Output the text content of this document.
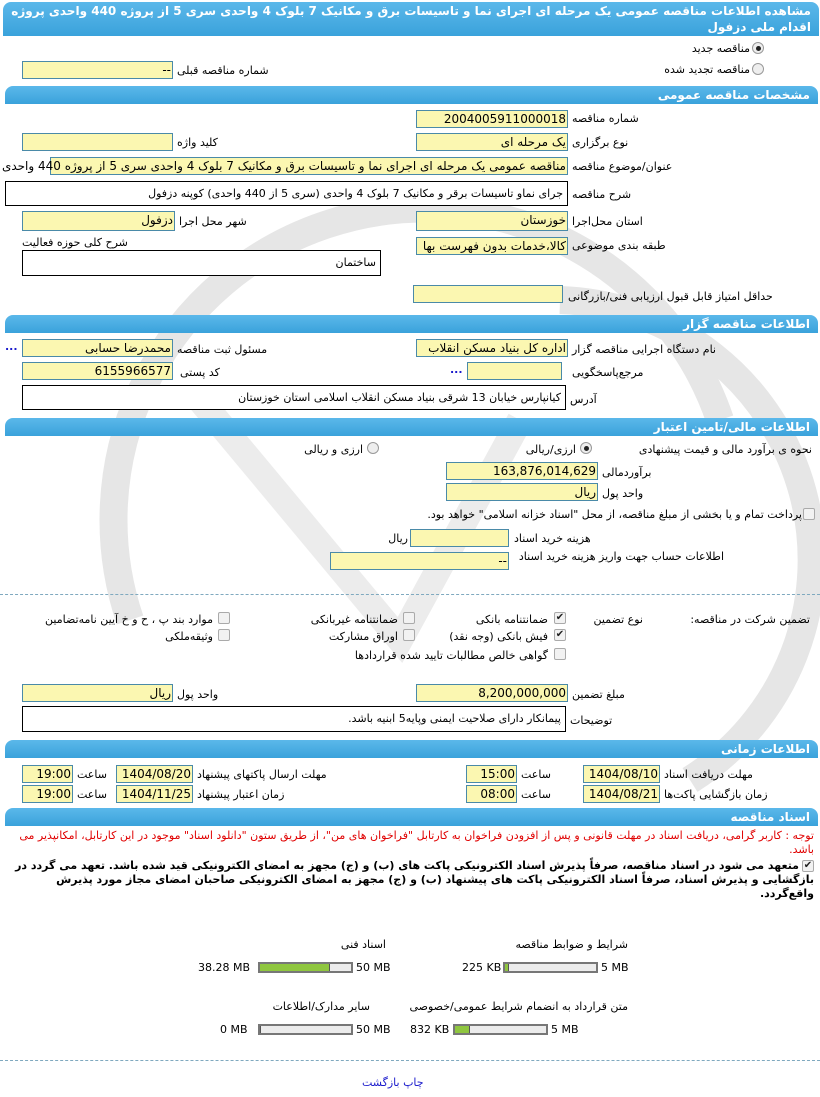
مشاهده اطلاعات مناقصه عمومی یک مرحله ای اجرای نما و تاسیسات برق و مکانیک 7 بلوک 4 واحدی سری 5 از پروژه 440 واحدی پروژه اقدام ملی دزفول
مناقصه جدید
مناقصه تجدید شده
شماره مناقصه قبلی
--
مشخصات مناقصه عمومی
2004005911000018 شماره مناقصه
یک مرحله ای نوع برگزاری
کلید واژه
مناقصه عمومی یک مرحله ای اجرای نما و تاسیسات برق و مکانیک 7 بلوک 4 واحدی سری 5 از پروژه 440 واحدی عنوان/موضوع مناقصه
جرای نماو تاسیسات برقر و مکانیک 7 بلوک 4 واحدی (سری 5 از 440 واحدی) کوپنه دزفول شرح مناقصه
خوزستان استان محل‌اجرا
دزفول شهر محل اجرا
کالا،خدمات بدون فهرست بها طبقه بندی موضوعی
شرح کلی حوزه فعالیت
ساختمان
حداقل امتیاز قابل قبول ارزیابی فنی/بازرگانی
اطلاعات مناقصه گزار
اداره کل بنیاد مسکن انقلاب نام دستگاه اجرایی مناقصه گزار
محمدرضا حسابی مسئول ثبت مناقصه
...
...	مرجع‌پاسخگویی
6155966577 کد پستی
کیانپارس خیابان 13 شرقی بنیاد مسکن انقلاب اسلامی استان خوزستان آدرس
اطلاعات مالی/تامین اعتبار
نحوه ی برآورد مالی و قیمت پیشنهادی
ارزی/ریالی
ارزی و ریالی
163,876,014,629 برآوردمالی
ریال واحد پول
پرداخت تمام و یا بخشی از مبلغ مناقصه، از محل "اسناد خزانه اسلامی" خواهد بود.
ریال	هزینه خرید اسناد
--	اطلاعات حساب جهت واریز هزینه خرید اسناد
تضمین شرکت در مناقصه:
نوع تضمین
✔
ضمانتنامه بانکی
ضمانتنامه غیربانکی
موارد بند پ ، ح و خ آیین نامه‌تضامین
✔
فیش بانکی (وجه نقد)
اوراق مشارکت
وثیقه‌ملکی
گواهی خالص مطالبات تایید شده قراردادها
8,200,000,000 مبلغ تضمین
ریال واحد پول
پیمانکار دارای صلاحیت ایمنی وپایه5 ابنیه باشد. توضیحات
اطلاعات زمانی
1404/08/10 مهلت دریافت اسناد
15:00 ساعت
1404/08/20 مهلت ارسال پاکتهای پیشنهاد
19:00 ساعت
1404/08/21 زمان بازگشایی پاکت‌ها
08:00 ساعت
1404/11/25 زمان اعتبار پیشنهاد
19:00 ساعت
اسناد مناقصه
توجه : کاربر گرامی، دریافت اسناد در مهلت قانونی و پس از افزودن فراخوان به کارتابل "فراخوان های من"، از طریق ستون "دانلود اسناد" موجود در این کارتابل، امکانپذیر می باشد.
✔متعهد می شود در اسناد مناقصه، صرفاً پذیرش اسناد الکترونیکی پاکت های (ب) و (ج) مجهز به امضای الکترونیکی قید شده باشد. تعهد می گردد در بازگشایی و پذیرش اسناد، صرفاً اسناد الکترونیکی پاکت های پیشنهاد (ب) و (ج) مجهز به امضای الکترونیکی صاحبان امضای مجاز مورد پذیرش واقع‌گردد.
شرایط و ضوابط مناقصه
5 MB
225 KB
اسناد فنی
50 MB
38.28 MB
متن قرارداد به انضمام شرایط عمومی/خصوصی
5 MB
832 KB
سایر مدارک/اطلاعات
50 MB
0 MB
چاپ بازگشت
